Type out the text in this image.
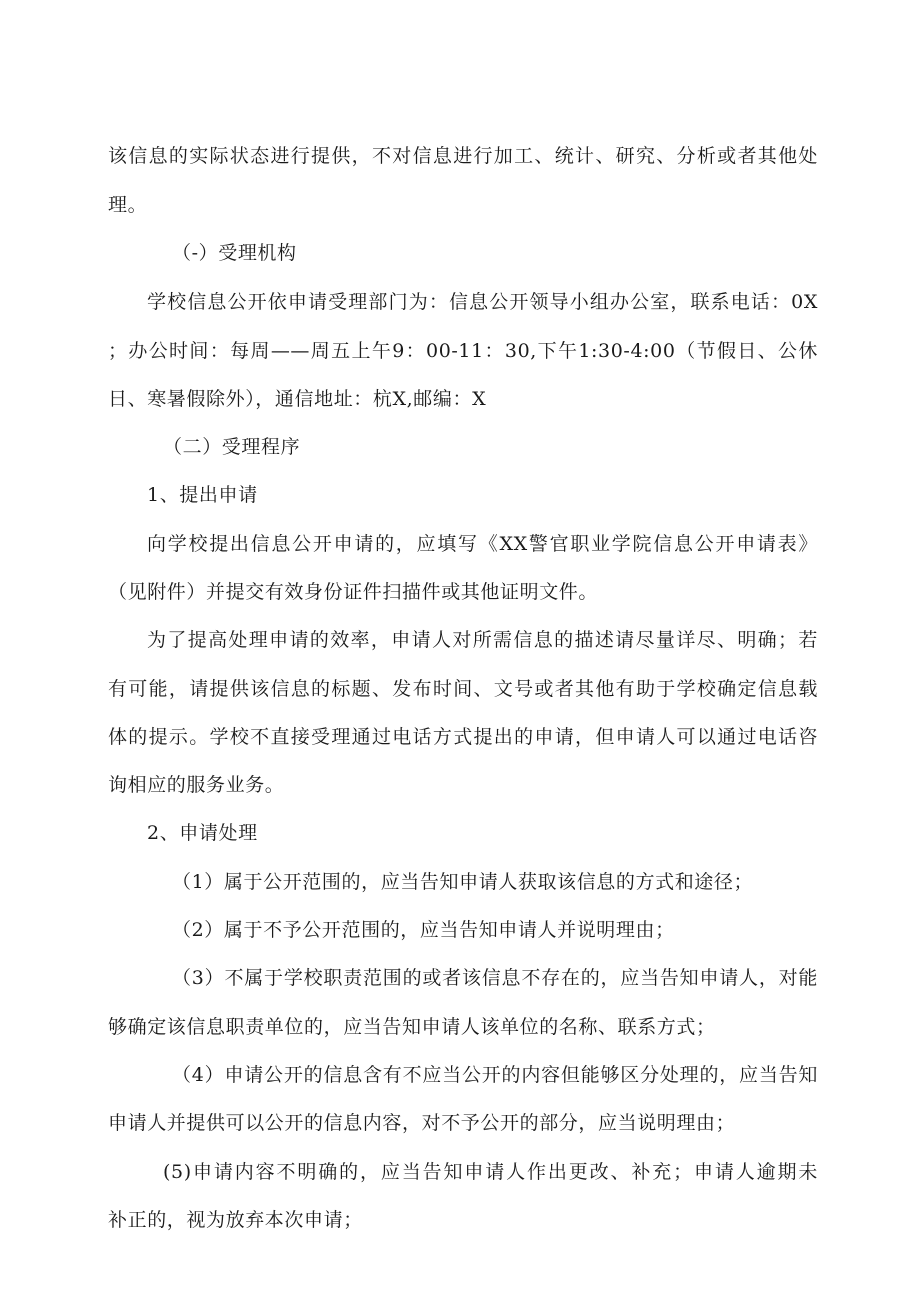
该信息的实际状态进行提供，不对信息进行加工、统计、研究、分析或者其他处
理。
（-）受理机构
学校信息公开依申请受理部门为：信息公开领导小组办公室，联系电话：0X
；办公时间：每周——周五上午9：00-11：30,下午1:30-4:00（节假日、公休
日、寒暑假除外），通信地址：杭X,邮编：X
（二）受理程序
1、提出申请
向学校提出信息公开申请的，应填写《XX警官职业学院信息公开申请表》
（见附件）并提交有效身份证件扫描件或其他证明文件。
为了提高处理申请的效率，申请人对所需信息的描述请尽量详尽、明确；若
有可能，请提供该信息的标题、发布时间、文号或者其他有助于学校确定信息载
体的提示。学校不直接受理通过电话方式提出的申请，但申请人可以通过电话咨
询相应的服务业务。
2、申请处理
（1）属于公开范围的，应当告知申请人获取该信息的方式和途径；
（2）属于不予公开范围的，应当告知申请人并说明理由；
（3）不属于学校职责范围的或者该信息不存在的，应当告知申请人，对能
够确定该信息职责单位的，应当告知申请人该单位的名称、联系方式；
（4）申请公开的信息含有不应当公开的内容但能够区分处理的，应当告知
申请人并提供可以公开的信息内容，对不予公开的部分，应当说明理由；
(5)申请内容不明确的，应当告知申请人作出更改、补充；申请人逾期未
补正的，视为放弃本次申请；
